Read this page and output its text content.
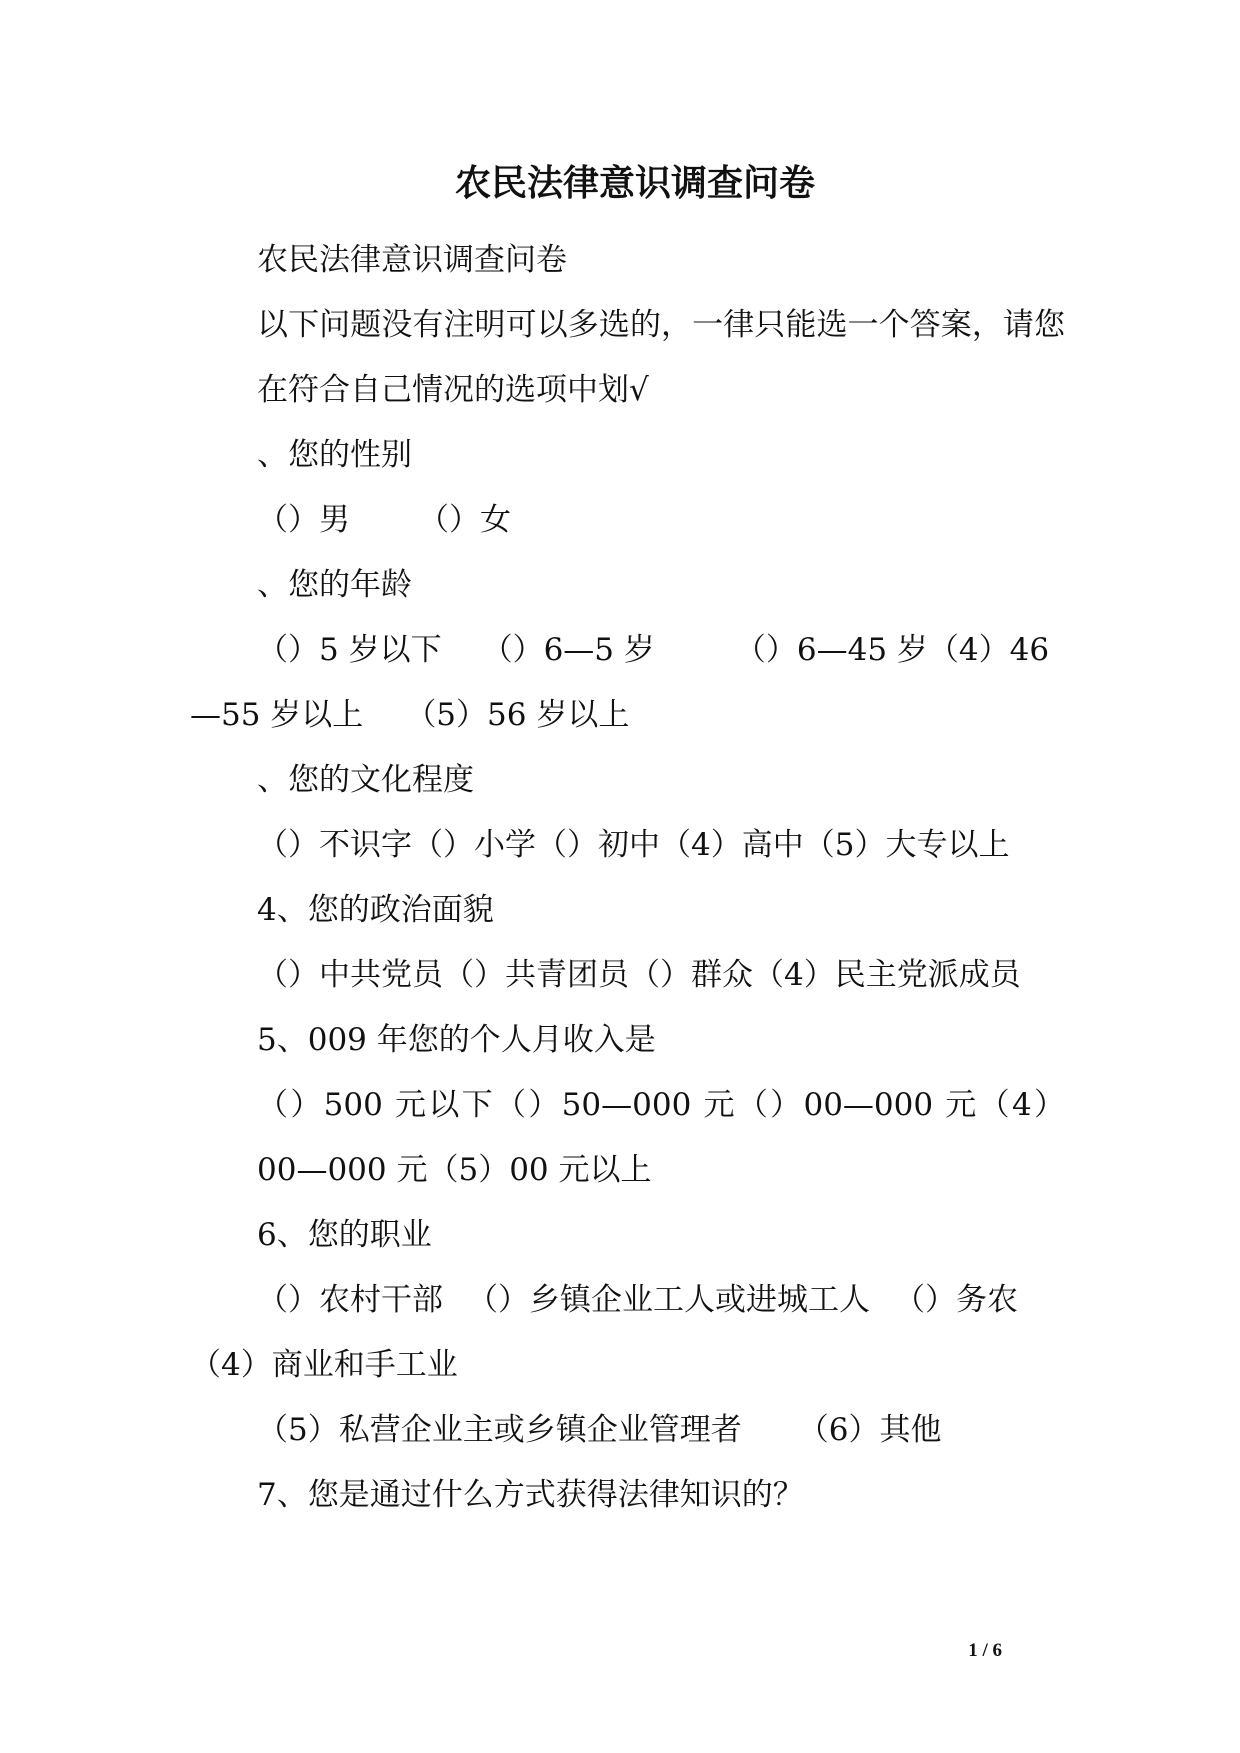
农民法律意识调查问卷

农民法律意识调查问卷

以下问题没有注明可以多选的，一律只能选一个答案，请您在符合自己情况的选项中划√

、您的性别

（）男 （）女

、您的年龄

（）5 岁以下 （）6—5 岁	（）6—45 岁（4）46

—55 岁以上 （5）56 岁以上

、您的文化程度

（）不识字（）小学（）初中（4）高中（5）大专以上

4、您的政治面貌

（）中共党员（）共青团员（）群众（4）民主党派成员

5、009 年您的个人月收入是

（）500 元以下（）50—000 元（）00—000 元（4）00—000 元（5）00 元以上

6、您的职业

（）农村干部 （）乡镇企业工人或进城工人 （）务农

（4）商业和手工业

（5）私营企业主或乡镇企业管理者 （6）其他

7、您是通过什么方式获得法律知识的？

1 / 6
